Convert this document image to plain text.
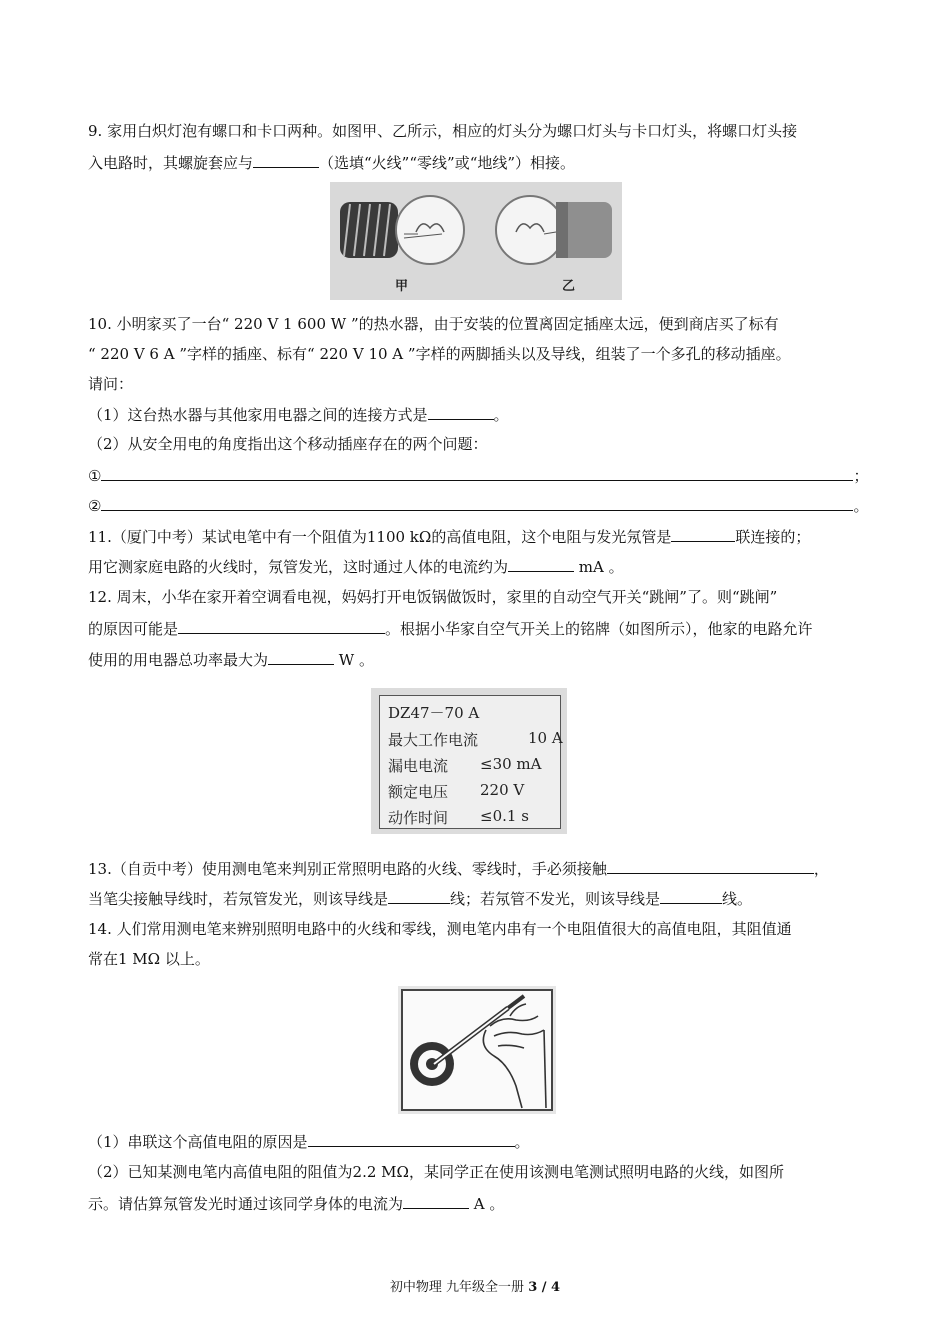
9. 家用白炽灯泡有螺口和卡口两种。如图甲、乙所示，相应的灯头分为螺口灯头与卡口灯头，将螺口灯头接
入电路时，其螺旋套应与	（选填“火线”“零线”或“地线”）相接。
甲	乙
10. 小明家买了一台“ 220 V 1 600 W ”的热水器，由于安装的位置离固定插座太远，便到商店买了标有
“ 220 V 6 A ”字样的插座、标有“ 220 V 10 A ”字样的两脚插头以及导线，组装了一个多孔的移动插座。
请问：
（1）这台热水器与其他家用电器之间的连接方式是	。
（2）从安全用电的角度指出这个移动插座存在的两个问题：
①	；
②	。
11.（厦门中考）某试电笔中有一个阻值为1100 kΩ的高值电阻，这个电阻与发光氖管是	联连接的；
用它测家庭电路的火线时，氖管发光，这时通过人体的电流约为	mA 。
12. 周末，小华在家开着空调看电视，妈妈打开电饭锅做饭时，家里的自动空气开关“跳闸”了。则“跳闸”
的原因可能是	。根据小华家自空气开关上的铭牌（如图所示），他家的电路允许
使用的用电器总功率最大为	W 。
DZ47－70 A
最大工作电流	10 A
漏电电流 ≤30 mA
额定电压 220 V
动作时间 ≤0.1 s
13.（自贡中考）使用测电笔来判别正常照明电路的火线、零线时，手必须接触	，
当笔尖接触导线时，若氖管发光，则该导线是	线；若氖管不发光，则该导线是	线。
14. 人们常用测电笔来辨别照明电路中的火线和零线，测电笔内串有一个电阻值很大的高值电阻，其阻值通
常在1 MΩ 以上。
（1）串联这个高值电阻的原因是	。
（2）已知某测电笔内高值电阻的阻值为2.2 MΩ，某同学正在使用该测电笔测试照明电路的火线，如图所
示。请估算氖管发光时通过该同学身体的电流为	A 。
初中物理 九年级全一册 3 / 4
